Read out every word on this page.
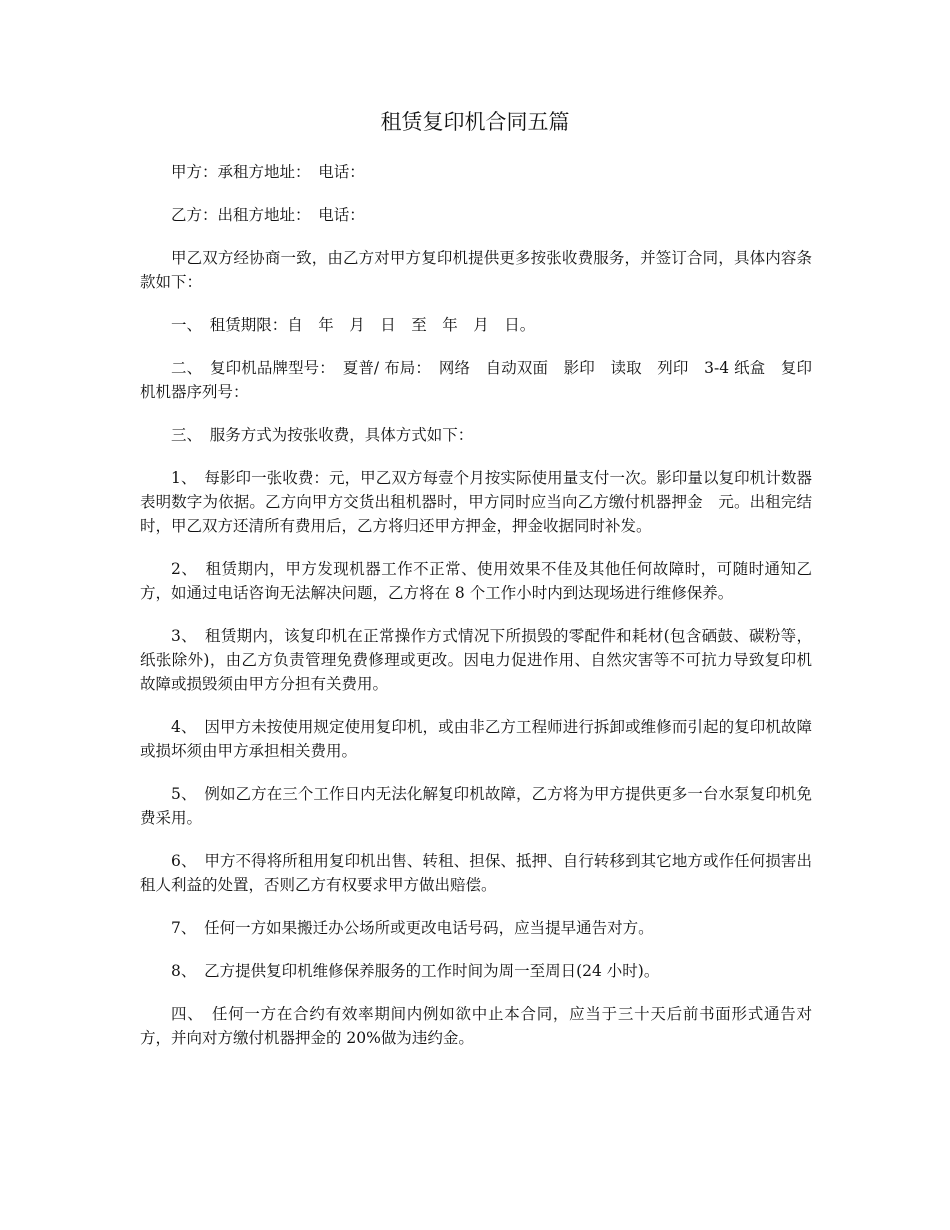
租赁复印机合同五篇

甲方：承租方地址：　电话：

乙方：出租方地址：　电话：

甲乙双方经协商一致，由乙方对甲方复印机提供更多按张收费服务，并签订合同，具体内容条款如下：

一、　租赁期限：自　年　月　日　至　年　月　日。

二、　复印机品牌型号：　夏普/ 布局：　网络　自动双面　影印　读取　列印　3-4 纸盒　复印机机器序列号：

三、　服务方式为按张收费，具体方式如下：

1、　每影印一张收费：元，甲乙双方每壹个月按实际使用量支付一次。影印量以复印机计数器表明数字为依据。乙方向甲方交货出租机器时，甲方同时应当向乙方缴付机器押金　元。出租完结时，甲乙双方还清所有费用后，乙方将归还甲方押金，押金收据同时补发。

2、　租赁期内，甲方发现机器工作不正常、使用效果不佳及其他任何故障时，可随时通知乙方，如通过电话咨询无法解决问题，乙方将在 8 个工作小时内到达现场进行维修保养。

3、　租赁期内，该复印机在正常操作方式情况下所损毁的零配件和耗材(包含硒鼓、碳粉等，纸张除外)，由乙方负责管理免费修理或更改。因电力促进作用、自然灾害等不可抗力导致复印机故障或损毁须由甲方分担有关费用。

4、　因甲方未按使用规定使用复印机，或由非乙方工程师进行拆卸或维修而引起的复印机故障或损坏须由甲方承担相关费用。

5、　例如乙方在三个工作日内无法化解复印机故障，乙方将为甲方提供更多一台水泵复印机免费采用。

6、　甲方不得将所租用复印机出售、转租、担保、抵押、自行转移到其它地方或作任何损害出租人利益的处置，否则乙方有权要求甲方做出赔偿。

7、　任何一方如果搬迁办公场所或更改电话号码，应当提早通告对方。

8、　乙方提供复印机维修保养服务的工作时间为周一至周日(24 小时)。

四、　任何一方在合约有效率期间内例如欲中止本合同，应当于三十天后前书面形式通告对方，并向对方缴付机器押金的 20%做为违约金。
